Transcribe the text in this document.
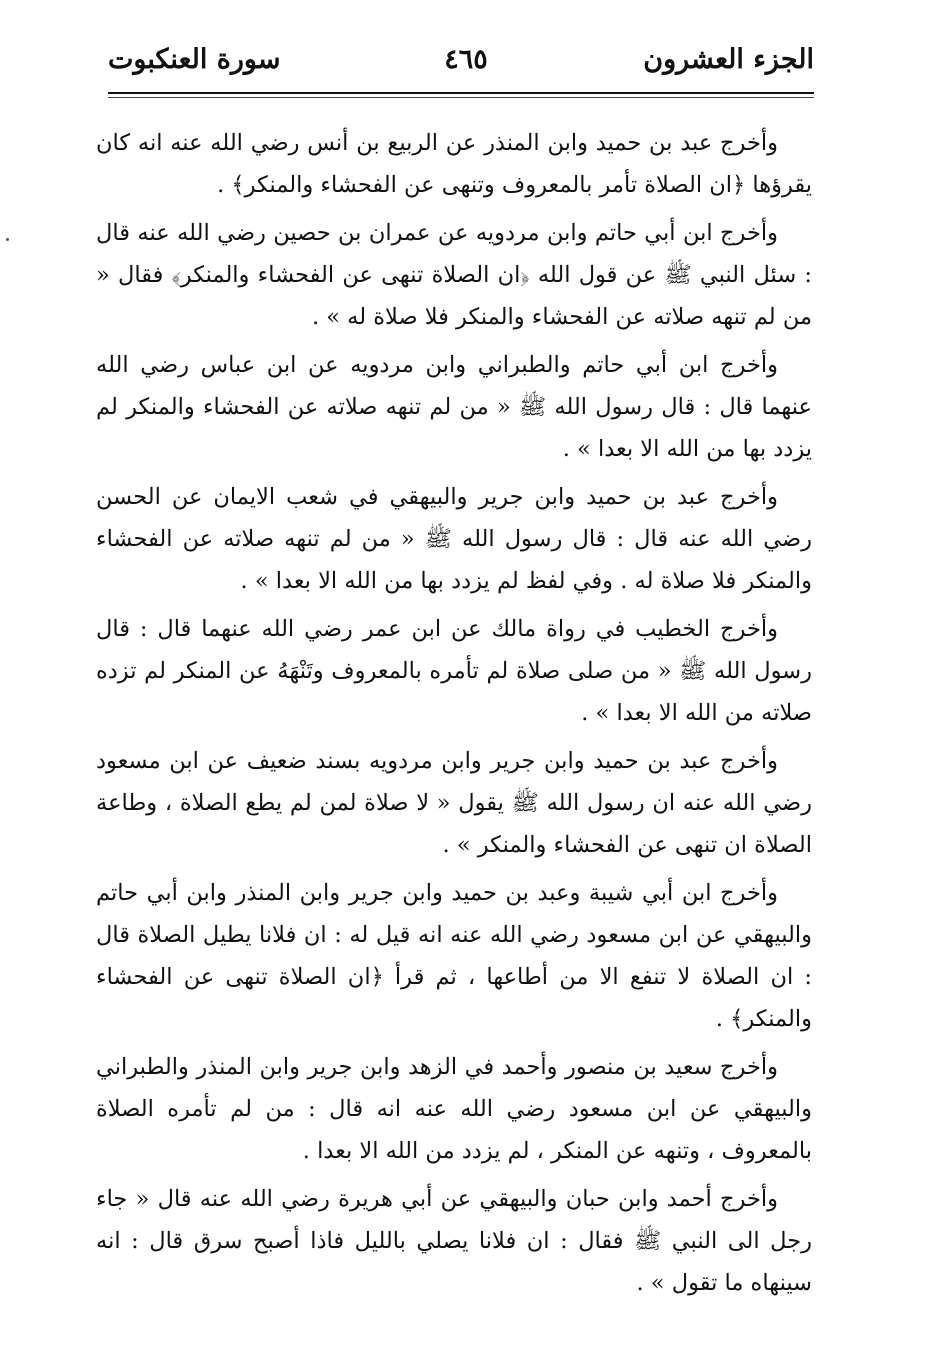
الجزء العشرون
٤٦٥
سورة العنكبوت

وأخرج عبد بن حميد وابن المنذر عن الربيع بن أنس رضي الله عنه انه كان يقرؤها ﴿ان الصلاة تأمر بالمعروف وتنهى عن الفحشاء والمنكر﴾ .

وأخرج ابن أبي حاتم وابن مردويه عن عمران بن حصين رضي الله عنه قال : سئل النبي ﷺ عن قول الله ﴿ان الصلاة تنهى عن الفحشاء والمنكر﴾ فقال « من لم تنهه صلاته عن الفحشاء والمنكر فلا صلاة له » .

وأخرج ابن أبي حاتم والطبراني وابن مردويه عن ابن عباس رضي الله عنهما قال : قال رسول الله ﷺ « من لم تنهه صلاته عن الفحشاء والمنكر لم يزدد بها من الله الا بعدا » .

وأخرج عبد بن حميد وابن جرير والبيهقي في شعب الايمان عن الحسن رضي الله عنه قال : قال رسول الله ﷺ « من لم تنهه صلاته عن الفحشاء والمنكر فلا صلاة له . وفي لفظ لم يزدد بها من الله الا بعدا » .

وأخرج الخطيب في رواة مالك عن ابن عمر رضي الله عنهما قال : قال رسول الله ﷺ « من صلى صلاة لم تأمره بالمعروف وتَنْهَهُ عن المنكر لم تزده صلاته من الله الا بعدا » .

وأخرج عبد بن حميد وابن جرير وابن مردويه بسند ضعيف عن ابن مسعود رضي الله عنه ان رسول الله ﷺ يقول « لا صلاة لمن لم يطع الصلاة ، وطاعة الصلاة ان تنهى عن الفحشاء والمنكر » .

وأخرج ابن أبي شيبة وعبد بن حميد وابن جرير وابن المنذر وابن أبي حاتم والبيهقي عن ابن مسعود رضي الله عنه انه قيل له : ان فلانا يطيل الصلاة قال : ان الصلاة لا تنفع الا من أطاعها ، ثم قرأ ﴿ان الصلاة تنهى عن الفحشاء والمنكر﴾ .

وأخرج سعيد بن منصور وأحمد في الزهد وابن جرير وابن المنذر والطبراني والبيهقي عن ابن مسعود رضي الله عنه انه قال : من لم تأمره الصلاة بالمعروف ، وتنهه عن المنكر ، لم يزدد من الله الا بعدا .

وأخرج أحمد وابن حبان والبيهقي عن أبي هريرة رضي الله عنه قال « جاء رجل الى النبي ﷺ فقال : ان فلانا يصلي بالليل فاذا أصبح سرق قال : انه سينهاه ما تقول » .
